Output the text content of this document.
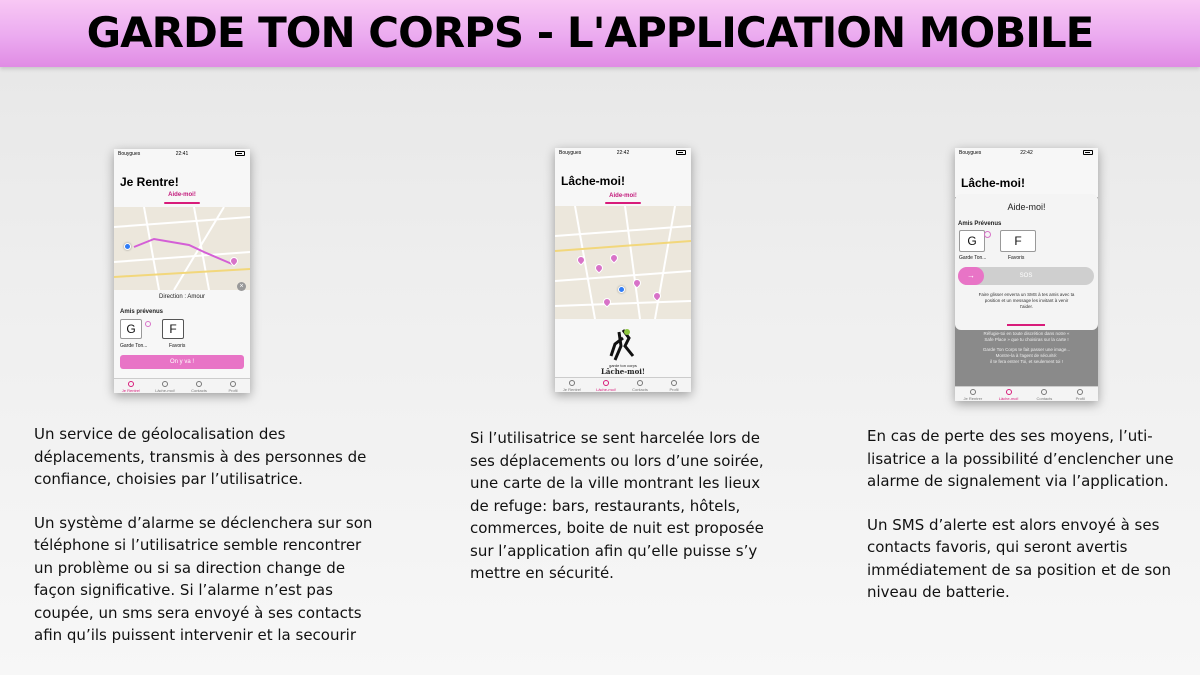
GARDE TON CORPS - L'APPLICATION MOBILE
Bouygues	22:41
Je Rentre!
Aide-moi!
Direction : Amour
×
Amis prévenus
G
Garde Ton...
F
Favoris
On y va !
Je Rentre!	Lâche-moi!	Contacts	Profil
Bouygues	22:42
Lâche-moi!
Aide-moi!
garde ton corps
Lâche-moi!
Je Rentre!	Lâche-moi!	Contacts	Profil
Bouygues	22:42
Lâche-moi!
Aide-moi!
Amis Prévenus
G
Garde Ton...
F
Favoris
→	SOS
Faire glisser enverra un SMS à tes amis avec ta
position et un message les invitant à venir
t'aider.
Réfugie-toi en toute discrétion dans notre «
Safe Place » que tu choisiras sur la carte !
Garde Ton Corps te fait passer une image...
Montre-la à l'agent de sécurité:
il te fera entrer Toi, et seulement toi !
Je Rentrer	Lâche-moi!	Contacts	Profil

Un service de géolocalisation des

déplacements, transmis à des personnes de
confiance, choisies par l’utilisatrice.
Un système d’alarme se déclenchera sur son
téléphone si l’utilisatrice semble rencontrer
un problème ou si sa direction change de
façon significative. Si l’alarme n’est pas
coupée, un sms sera envoyé à ses contacts
afin qu’ils puissent intervenir et la secourir
Si l’utilisatrice se sent harcelée lors de
ses déplacements ou lors d’une soirée,
une carte de la ville montrant les lieux
de refuge: bars, restaurants, hôtels,
commerces, boite de nuit est proposée
sur l’application afin qu’elle puisse s’y
mettre en sécurité.
En cas de perte des ses moyens, l’uti-
lisatrice a la possibilité d’enclencher une
alarme de signalement via l’application.
Un SMS d’alerte est alors envoyé à ses
contacts favoris, qui seront avertis
immédiatement de sa position et de son
niveau de batterie.
